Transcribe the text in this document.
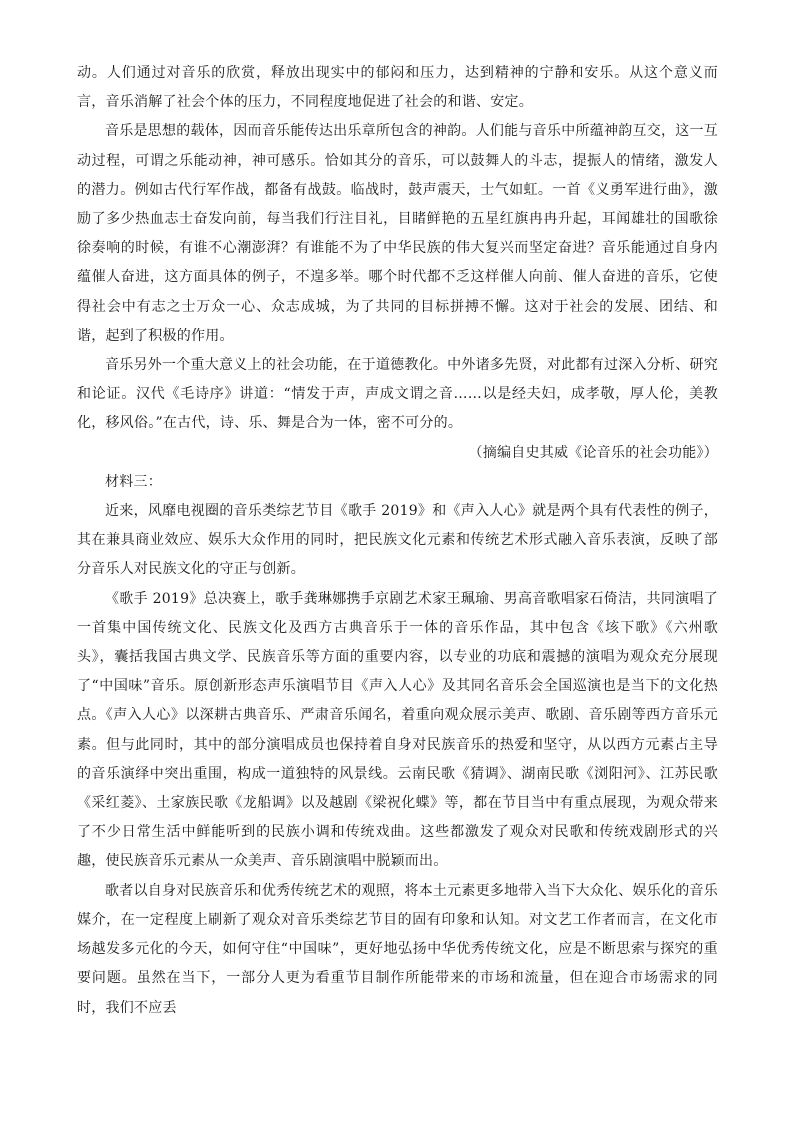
动。人们通过对音乐的欣赏，释放出现实中的郁闷和压力，达到精神的宁静和安乐。从这个意义而言，音乐消解了社会个体的压力，不同程度地促进了社会的和谐、安定。

音乐是思想的载体，因而音乐能传达出乐章所包含的神韵。人们能与音乐中所蕴神韵互交，这一互动过程，可谓之乐能动神，神可感乐。恰如其分的音乐，可以鼓舞人的斗志，提振人的情绪，激发人的潜力。例如古代行军作战，都备有战鼓。临战时，鼓声震天，士气如虹。一首《义勇军进行曲》，激励了多少热血志士奋发向前，每当我们行注目礼，目睹鲜艳的五星红旗冉冉升起，耳闻雄壮的国歌徐徐奏响的时候，有谁不心潮澎湃？有谁能不为了中华民族的伟大复兴而坚定奋进？音乐能通过自身内蕴催人奋进，这方面具体的例子，不遑多举。哪个时代都不乏这样催人向前、催人奋进的音乐，它使得社会中有志之士万众一心、众志成城，为了共同的目标拼搏不懈。这对于社会的发展、团结、和谐，起到了积极的作用。

音乐另外一个重大意义上的社会功能，在于道德教化。中外诸多先贤，对此都有过深入分析、研究和论证。汉代《毛诗序》讲道：“情发于声，声成文谓之音……以是经夫妇，成孝敬，厚人伦，美教化，移风俗。”在古代，诗、乐、舞是合为一体，密不可分的。

（摘编自史其威《论音乐的社会功能》）

材料三：

近来，风靡电视圈的音乐类综艺节目《歌手 2019》和《声入人心》就是两个具有代表性的例子，其在兼具商业效应、娱乐大众作用的同时，把民族文化元素和传统艺术形式融入音乐表演，反映了部分音乐人对民族文化的守正与创新。

《歌手 2019》总决赛上，歌手龚琳娜携手京剧艺术家王珮瑜、男高音歌唱家石倚洁，共同演唱了一首集中国传统文化、民族文化及西方古典音乐于一体的音乐作品，其中包含《垓下歌》《六州歌头》，囊括我国古典文学、民族音乐等方面的重要内容，以专业的功底和震撼的演唱为观众充分展现了“中国味”音乐。原创新形态声乐演唱节目《声入人心》及其同名音乐会全国巡演也是当下的文化热点。《声入人心》以深耕古典音乐、严肃音乐闻名，着重向观众展示美声、歌剧、音乐剧等西方音乐元素。但与此同时，其中的部分演唱成员也保持着自身对民族音乐的热爱和坚守，从以西方元素占主导的音乐演绎中突出重围，构成一道独特的风景线。云南民歌《猜调》、湖南民歌《浏阳河》、江苏民歌《采红菱》、土家族民歌《龙船调》以及越剧《梁祝化蝶》等，都在节目当中有重点展现，为观众带来了不少日常生活中鲜能听到的民族小调和传统戏曲。这些都激发了观众对民歌和传统戏剧形式的兴趣，使民族音乐元素从一众美声、音乐剧演唱中脱颖而出。

歌者以自身对民族音乐和优秀传统艺术的观照，将本土元素更多地带入当下大众化、娱乐化的音乐媒介，在一定程度上刷新了观众对音乐类综艺节目的固有印象和认知。对文艺工作者而言，在文化市场越发多元化的今天，如何守住“中国味”，更好地弘扬中华优秀传统文化，应是不断思索与探究的重要问题。虽然在当下，一部分人更为看重节目制作所能带来的市场和流量，但在迎合市场需求的同时，我们不应丢
